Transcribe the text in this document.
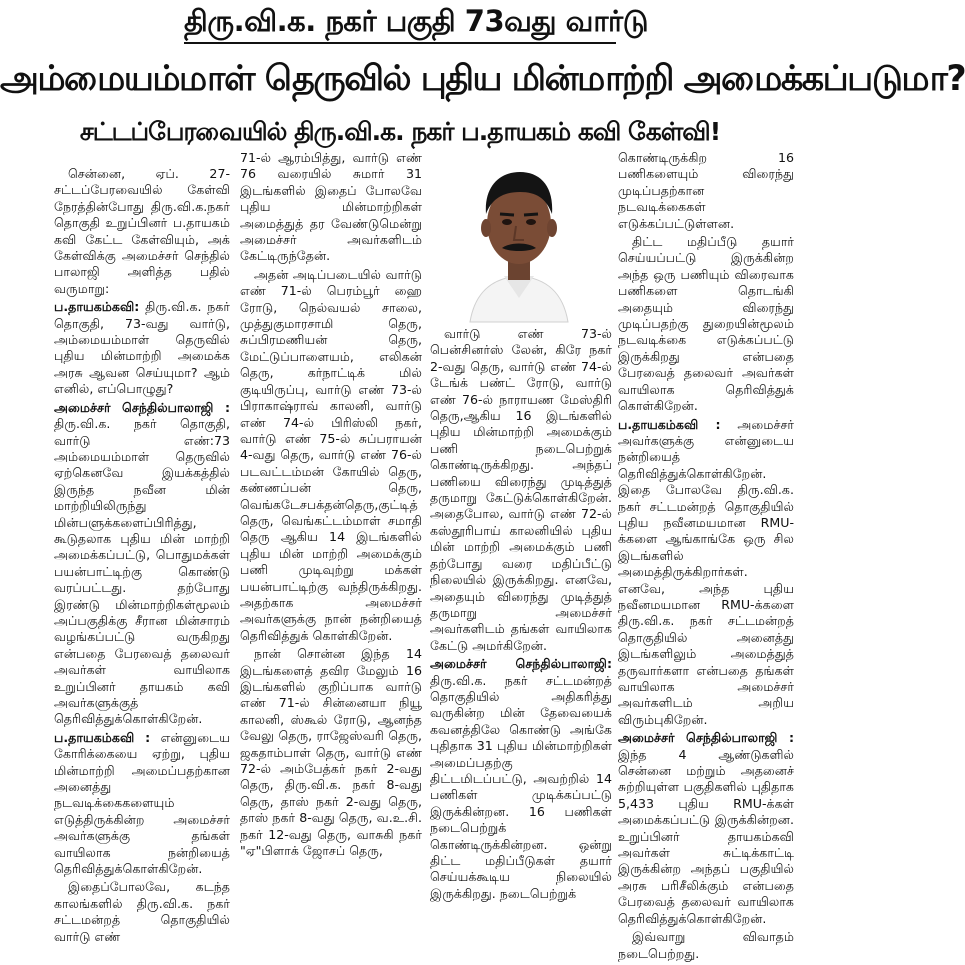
திரு.வி.க. நகர் பகுதி 73வது வார்டு
அம்மையம்மாள் தெருவில் புதிய மின்மாற்றி அமைக்கப்படுமா?
சட்டப்பேரவையில் திரு.வி.க. நகர் ப.தாயகம் கவி கேள்வி!

சென்னை, ஏப். 27- சட்டப்பேரவையில் கேள்வி நேரத்தின்போது திரு.வி.க.நகர் தொகுதி உறுப்பினர் ப.தாயகம் கவி கேட்ட கேள்வியும், அக் கேள்விக்கு அமைச்சர் செந்தில் பாலாஜி அளித்த பதில் வருமாறு:

ப.தாயகம்கவி: திரு.வி.க. நகர் தொகுதி, 73-வது வார்டு, அம்மையம்மாள் தெருவில் புதிய மின்மாற்றி அமைக்க அரசு ஆவன செய்யுமா? ஆம் எனில், எப்பொழுது?

அமைச்சர் செந்தில்பாலாஜி : திரு.வி.க. நகர் தொகுதி, வார்டு எண்:73 அம்மையம்மாள் தெருவில் ஏற்கெனவே இயக்கத்தில் இருந்த நவீன மின் மாற்றியிலிருந்து மின்பளுக்களைப்பிரித்து, கூடுதலாக புதிய மின் மாற்றி அமைக்கப்பட்டு, பொதுமக்கள் பயன்பாட்டிற்கு கொண்டு வரப்பட்டது. தற்போது இரண்டு மின்மாற்றிகள்மூலம் அப்பகுதிக்கு சீரான மின்சாரம் வழங்கப்பட்டு வருகிறது என்பதை பேரவைத் தலைவர் அவர்கள் வாயிலாக உறுப்பினர் தாயகம் கவி அவர்களுக்குத் தெரிவித்துக்கொள்கிறேன்.

ப.தாயகம்கவி : என்னுடைய கோரிக்கையை ஏற்று, புதிய மின்மாற்றி அமைப்பதற்கான அனைத்து நடவடிக்கைகளையும் எடுத்திருக்கின்ற அமைச்சர் அவர்களுக்கு தங்கள் வாயிலாக நன்றியைத் தெரிவித்துக்கொள்கிறேன்.

இதைப்போலவே, கடந்த காலங்களில் திரு.வி.க. நகர் சட்டமன்றத் தொகுதியில் வார்டு எண்

71-ல் ஆரம்பித்து, வார்டு எண் 76 வரையில் சுமார் 31 இடங்களில் இதைப் போலவே புதிய மின்மாற்றிகள் அமைத்துத் தர வேண்டுமென்று அமைச்சர் அவர்களிடம் கேட்டிருந்தேன்.

அதன் அடிப்படையில் வார்டு எண் 71-ல் பெரம்பூர் ஹை ரோடு, நெல்வயல் சாலை, முத்துகுமாரசாமி தெரு, சுப்பிரமணியன் தெரு, மேட்டுப்பாளையம், எலிகன் தெரு, கர்நாட்டிக் மில் குடியிருப்பு, வார்டு எண் 73-ல் பிராகாஷ்ராவ் காலனி, வார்டு எண் 74-ல் பிரிஸ்லி நகர், வார்டு எண் 75-ல் சுப்பராயன் 4-வது தெரு, வார்டு எண் 76-ல் படவட்டம்மன் கோயில் தெரு, கண்ணப்பன் தெரு, வெங்கடேசபக்தன்தெரு,குட்டித் தெரு, வெங்கட்டம்மாள் சமாதி தெரு ஆகிய 14 இடங்களில் புதிய மின் மாற்றி அமைக்கும் பணி முடிவுற்று மக்கள் பயன்பாட்டிற்கு வந்திருக்கிறது. அதற்காக அமைச்சர் அவர்களுக்கு நான் நன்றியைத் தெரிவித்துக் கொள்கிறேன்.

நான் சொன்ன இந்த 14 இடங்களைத் தவிர மேலும் 16 இடங்களில் குறிப்பாக வார்டு எண் 71-ல் சின்னையா நியூ காலனி, ஸ்கூல் ரோடு, ஆனந்த வேலு தெரு, ராஜேஸ்வரி தெரு, ஜகதாம்பாள் தெரு, வார்டு எண் 72-ல் அம்பேத்கர் நகர் 2-வது தெரு, திரு.வி.க. நகர் 8-வது தெரு, தாஸ் நகர் 2-வது தெரு, தாஸ் நகர் 8-வது தெரு, வ.உ.சி. நகர் 12-வது தெரு, வாசுகி நகர் "ஏ"பிளாக் ஜோசப் தெரு,

வார்டு எண் 73-ல் பென்சினர்ஸ் லேன், கிரே நகர் 2-வது தெரு, வார்டு எண் 74-ல் டேங்க் பண்ட் ரோடு, வார்டு எண் 76-ல் நாராயண மேஸ்திரி தெரு,ஆகிய 16 இடங்களில் புதிய மின்மாற்றி அமைக்கும் பணி நடைபெற்றுக் கொண்டிருக்கிறது. அந்தப் பணியை விரைந்து முடித்துத் தருமாறு கேட்டுக்கொள்கிறேன். அதைபோல, வார்டு எண் 72-ல் கஸ்தூரிபாய் காலனியில் புதிய மின் மாற்றி அமைக்கும் பணி தற்போது வரை மதிப்பீட்டு நிலையில் இருக்கிறது. எனவே, அதையும் விரைந்து முடித்துத் தருமாறு அமைச்சர் அவர்களிடம் தங்கள் வாயிலாக கேட்டு அமர்கிறேன்.

அமைச்சர் செந்தில்பாலாஜி: திரு.வி.க. நகர் சட்டமன்றத் தொகுதியில் அதிகரித்து வருகின்ற மின் தேவையைக் கவனத்திலே கொண்டு அங்கே புதிதாக 31 புதிய மின்மாற்றிகள் அமைப்பதற்கு திட்டமிடப்பட்டு, அவற்றில் 14 பணிகள் முடிக்கப்பட்டு இருக்கின்றன. 16 பணிகள் நடைபெற்றுக் கொண்டிருக்கின்றன. ஒன்று திட்ட மதிப்பீடுகள் தயார் செய்யக்கூடிய நிலையில் இருக்கிறது. நடைபெற்றுக்

கொண்டிருக்கிற 16 பணிகளையும் விரைந்து முடிப்பதற்கான நடவடிக்கைகள் எடுக்கப்பட்டுள்ளன.

திட்ட மதிப்பீடு தயார் செய்யப்பட்டு இருக்கின்ற அந்த ஒரு பணியும் விரைவாக பணிகளை தொடங்கி அதையும் விரைந்து முடிப்பதற்கு துறையின்மூலம் நடவடிக்கை எடுக்கப்பட்டு இருக்கிறது என்பதை பேரவைத் தலைவர் அவர்கள் வாயிலாக தெரிவித்துக் கொள்கிறேன்.

ப.தாயகம்கவி : அமைச்சர் அவர்களுக்கு என்னுடைய நன்றியைத் தெரிவித்துக்கொள்கிறேன். இதை போலவே திரு.வி.க. நகர் சட்டமன்றத் தொகுதியில் புதிய நவீனமயமான RMU-க்களை ஆங்காங்கே ஒரு சில இடங்களில் அமைத்திருக்கிறார்கள். எனவே, அந்த புதிய நவீனமயமான RMU-க்களை திரு.வி.க. நகர் சட்டமன்றத் தொகுதியில் அனைத்து இடங்களிலும் அமைத்துத் தருவார்களா என்பதை தங்கள் வாயிலாக அமைச்சர் அவர்களிடம் அறிய விரும்புகிறேன்.

அமைச்சர் செந்தில்பாலாஜி : இந்த 4 ஆண்டுகளில் சென்னை மற்றும் அதனைச் சுற்றியுள்ள பகுதிகளில் புதிதாக 5,433 புதிய RMU-க்கள் அமைக்கப்பட்டு இருக்கின்றன. உறுப்பினர் தாயகம்கவி அவர்கள் சுட்டிக்காட்டி இருக்கின்ற அந்தப் பகுதியில் அரசு பரிசீலிக்கும் என்பதை பேரவைத் தலைவர் வாயிலாக தெரிவித்துக்கொள்கிறேன்.

இவ்வாறு விவாதம் நடைபெற்றது.
